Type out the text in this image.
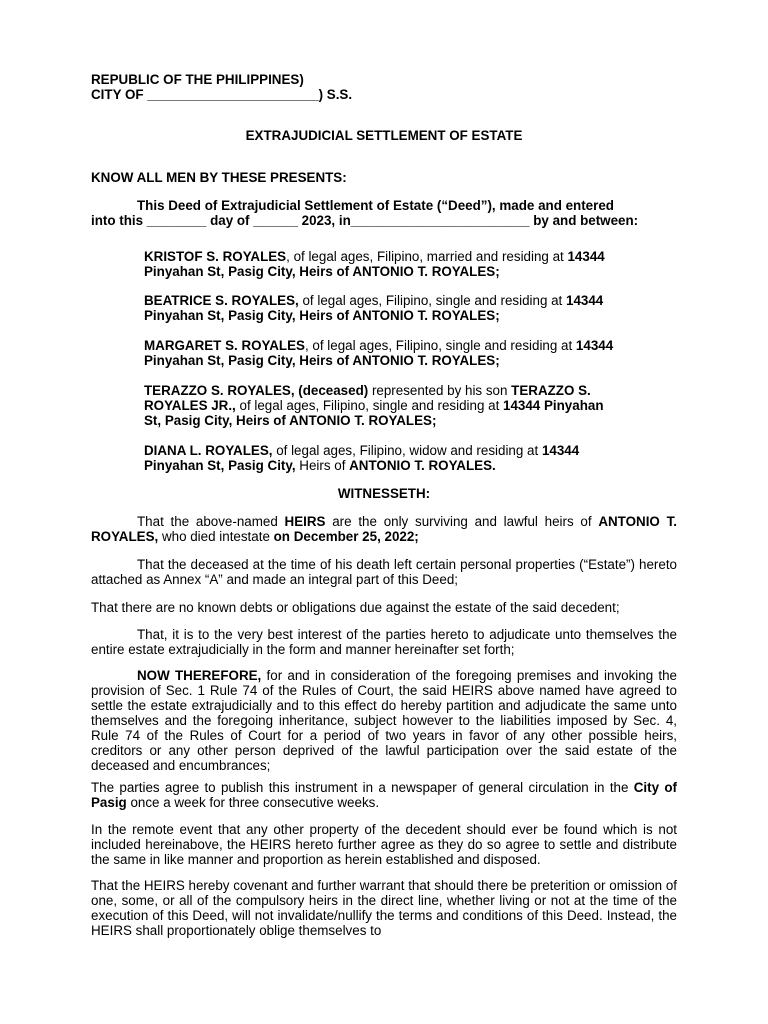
REPUBLIC OF THE PHILIPPINES)
CITY OF _______________________) S.S.
EXTRAJUDICIAL SETTLEMENT OF ESTATE
KNOW ALL MEN BY THESE PRESENTS:
This Deed of Extrajudicial Settlement of Estate (“Deed”), made and entered
into this ________ day of ______ 2023, in________________________ by and between:
KRISTOF S. ROYALES, of legal ages, Filipino, married and residing at 14344
Pinyahan St, Pasig City, Heirs of ANTONIO T. ROYALES;
BEATRICE S. ROYALES, of legal ages, Filipino, single and residing at 14344
Pinyahan St, Pasig City, Heirs of ANTONIO T. ROYALES;
MARGARET S. ROYALES, of legal ages, Filipino, single and residing at 14344
Pinyahan St, Pasig City, Heirs of ANTONIO T. ROYALES;
TERAZZO S. ROYALES, (deceased) represented by his son TERAZZO S.
ROYALES JR., of legal ages, Filipino, single and residing at 14344 Pinyahan
St, Pasig City, Heirs of ANTONIO T. ROYALES;
DIANA L. ROYALES, of legal ages, Filipino, widow and residing at 14344
Pinyahan St, Pasig City, Heirs of ANTONIO T. ROYALES.
WITNESSETH:

That the above-named HEIRS are the only surviving and lawful heirs of ANTONIO T. ROYALES, who died intestate on December 25, 2022;

That the deceased at the time of his death left certain personal properties (“Estate”) hereto attached as Annex “A” and made an integral part of this Deed;

That there are no known debts or obligations due against the estate of the said decedent;

That, it is to the very best interest of the parties hereto to adjudicate unto themselves the entire estate extrajudicially in the form and manner hereinafter set forth;

NOW THEREFORE, for and in consideration of the foregoing premises and invoking the provision of Sec. 1 Rule 74 of the Rules of Court, the said HEIRS above named have agreed to settle the estate extrajudicially and to this effect do hereby partition and adjudicate the same unto themselves and the foregoing inheritance, subject however to the liabilities imposed by Sec. 4, Rule 74 of the Rules of Court for a period of two years in favor of any other possible heirs, creditors or any other person deprived of the lawful participation over the said estate of the deceased and encumbrances;

The parties agree to publish this instrument in a newspaper of general circulation in the City of Pasig once a week for three consecutive weeks.

In the remote event that any other property of the decedent should ever be found which is not included hereinabove, the HEIRS hereto further agree as they do so agree to settle and distribute the same in like manner and proportion as herein established and disposed.

That the HEIRS hereby covenant and further warrant that should there be preterition or omission of one, some, or all of the compulsory heirs in the direct line, whether living or not at the time of the execution of this Deed, will not invalidate/nullify the terms and conditions of this Deed. Instead, the HEIRS shall proportionately oblige themselves to
